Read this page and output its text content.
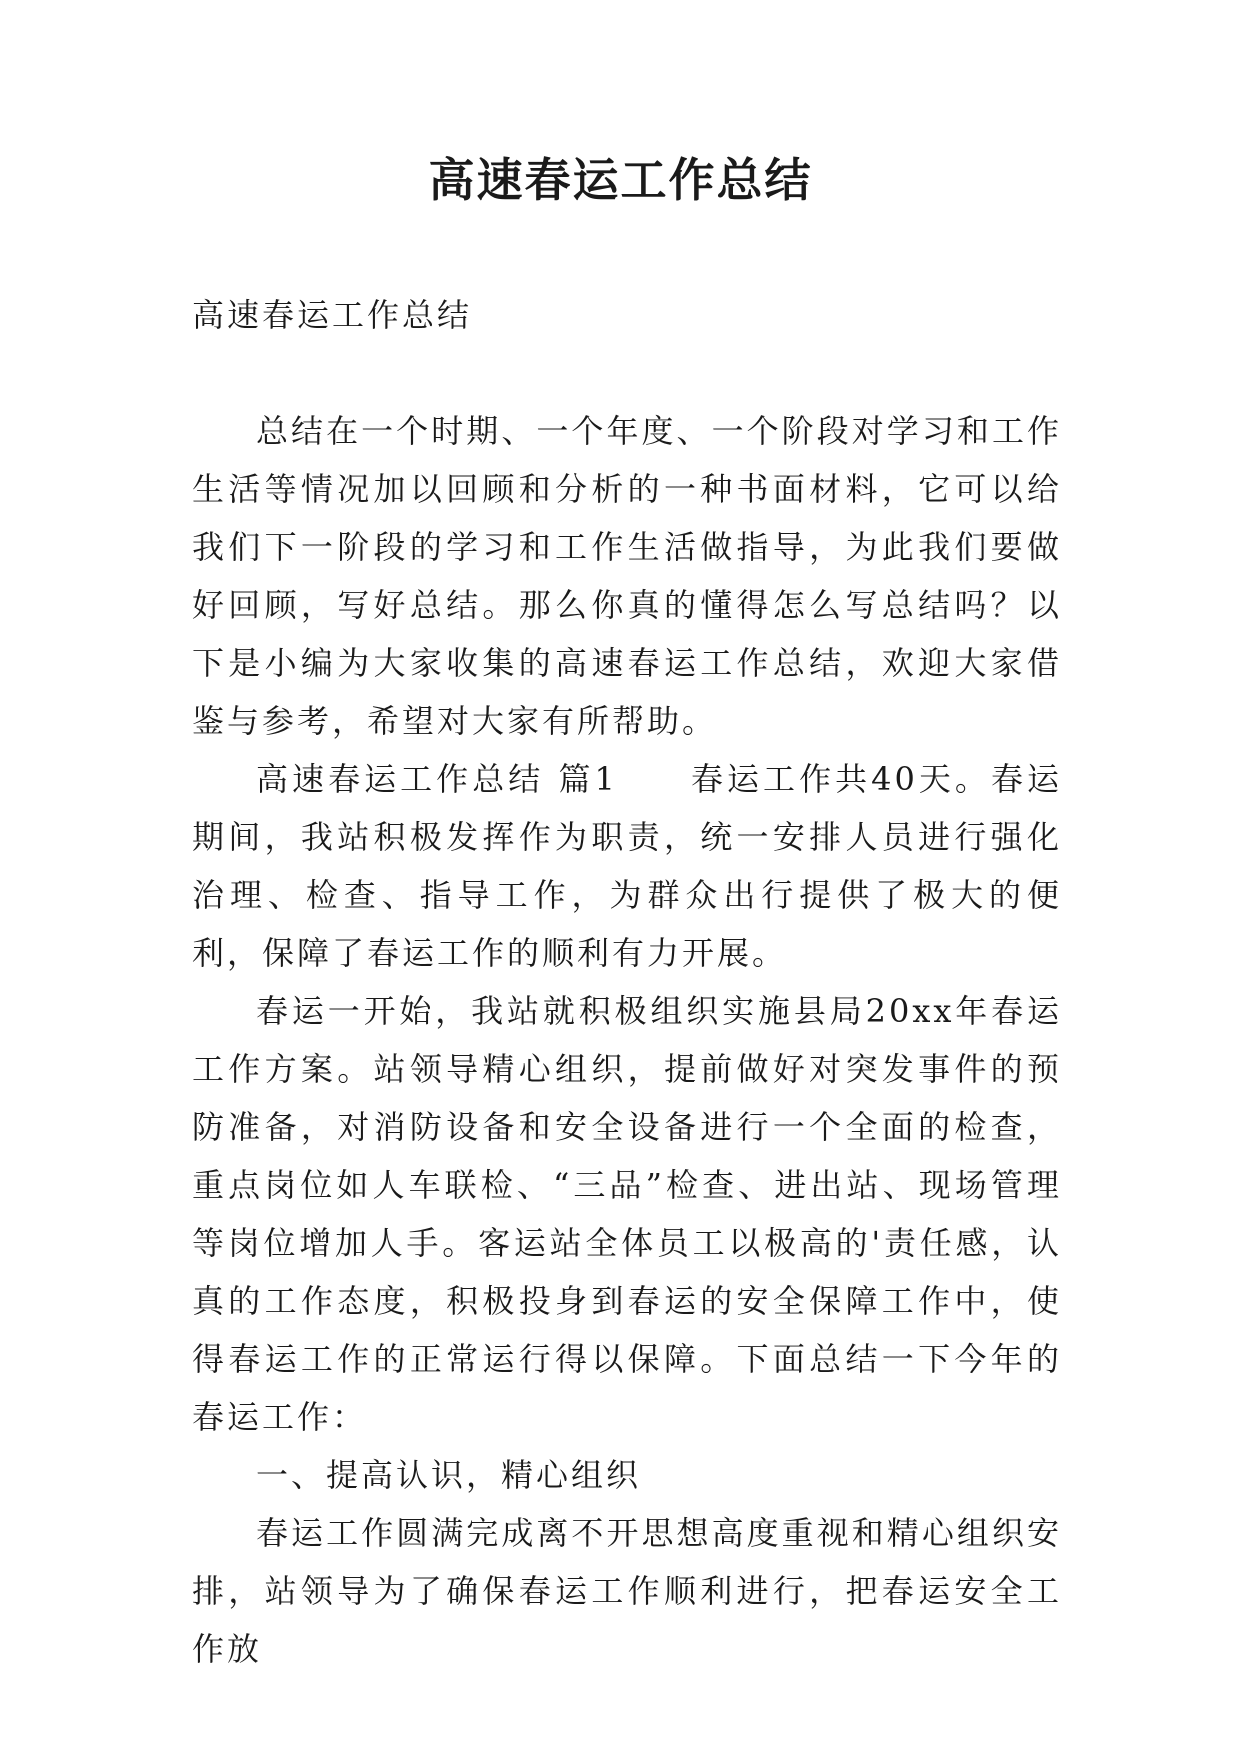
高速春运工作总结

高速春运工作总结

总结在一个时期、一个年度、一个阶段对学习和工作生活等情况加以回顾和分析的一种书面材料，它可以给我们下一阶段的学习和工作生活做指导，为此我们要做好回顾，写好总结。那么你真的懂得怎么写总结吗？以下是小编为大家收集的高速春运工作总结，欢迎大家借鉴与参考，希望对大家有所帮助。

高速春运工作总结 篇1　　春运工作共40天。春运期间，我站积极发挥作为职责，统一安排人员进行强化治理、检查、指导工作，为群众出行提供了极大的便利，保障了春运工作的顺利有力开展。

春运一开始，我站就积极组织实施县局20xx年春运工作方案。站领导精心组织，提前做好对突发事件的预防准备，对消防设备和安全设备进行一个全面的检查，重点岗位如人车联检、“三品”检查、进出站、现场管理等岗位增加人手。客运站全体员工以极高的'责任感，认真的工作态度，积极投身到春运的安全保障工作中，使得春运工作的正常运行得以保障。下面总结一下今年的春运工作：

一、提高认识，精心组织

春运工作圆满完成离不开思想高度重视和精心组织安排，站领导为了确保春运工作顺利进行，把春运安全工作放
